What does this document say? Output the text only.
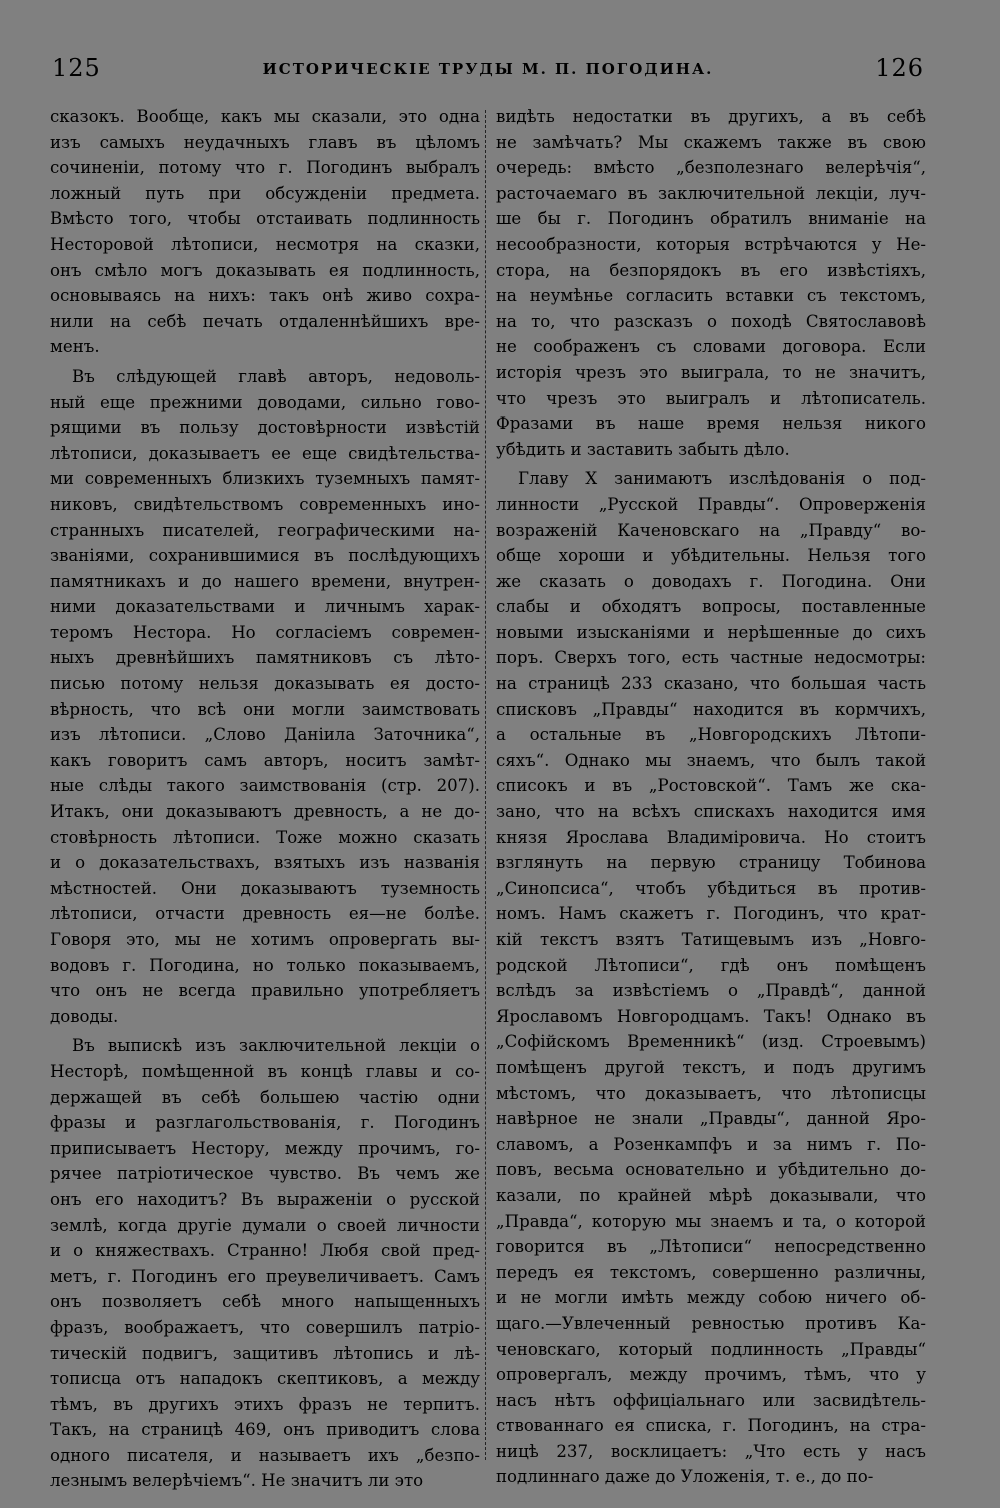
125	ИСТОРИЧЕСКІЕ ТРУДЫ М. П. ПОГОДИНА.	126
сказокъ. Вообще, какъ мы сказали, это одна
изъ самыхъ неудачныхъ главъ въ цѣломъ
сочиненіи, потому что г. Погодинъ выбралъ
ложный путь при обсужденіи предмета.
Вмѣсто того, чтобы отстаивать подлинность
Несторовой лѣтописи, несмотря на сказки,
онъ смѣло могъ доказывать ея подлинность,
основываясь на нихъ: такъ онѣ живо сохра-
нили на себѣ печать отдаленнѣйшихъ вре-
менъ.
Въ слѣдующей главѣ авторъ, недоволь-
ный еще прежними доводами, сильно гово-
рящими въ пользу достовѣрности извѣстій
лѣтописи, доказываетъ ее еще свидѣтельства-
ми современныхъ близкихъ туземныхъ памят-
никовъ, свидѣтельствомъ современныхъ ино-
странныхъ писателей, географическими на-
званіями, сохранившимися въ послѣдующихъ
памятникахъ и до нашего времени, внутрен-
ними доказательствами и личнымъ харак-
теромъ Нестора. Но согласіемъ современ-
ныхъ древнѣйшихъ памятниковъ съ лѣто-
писью потому нельзя доказывать ея досто-
вѣрность, что всѣ они могли заимствовать
изъ лѣтописи. „Слово Даніила Заточника“,
какъ говоритъ самъ авторъ, носитъ замѣт-
ные слѣды такого заимствованія (стр. 207).
Итакъ, они доказываютъ древность, а не до-
стовѣрность лѣтописи. Тоже можно сказать
и о доказательствахъ, взятыхъ изъ названія
мѣстностей. Они доказываютъ туземность
лѣтописи, отчасти древность ея—не болѣе.
Говоря это, мы не хотимъ опровергать вы-
водовъ г. Погодина, но только показываемъ,
что онъ не всегда правильно употребляетъ
доводы.
Въ выпискѣ изъ заключительной лекціи о
Несторѣ, помѣщенной въ концѣ главы и со-
держащей въ себѣ большею частію одни
фразы и разглагольствованія, г. Погодинъ
приписываетъ Нестору, между прочимъ, го-
рячее патріотическое чувство. Въ чемъ же
онъ его находитъ? Въ выраженіи о русской
землѣ, когда другіе думали о своей личности
и о княжествахъ. Странно! Любя свой пред-
метъ, г. Погодинъ его преувеличиваетъ. Самъ
онъ позволяетъ себѣ много напыщенныхъ
фразъ, воображаетъ, что совершилъ патріо-
тическій подвигъ, защитивъ лѣтопись и лѣ-
тописца отъ нападокъ скептиковъ, а между
тѣмъ, въ другихъ этихъ фразъ не терпитъ.
Такъ, на страницѣ 469, онъ приводитъ слова
одного писателя, и называетъ ихъ „безпо-
лезнымъ велерѣчіемъ“. Не значитъ ли это
видѣть недостатки въ другихъ, а въ себѣ
не замѣчать? Мы скажемъ также въ свою
очередь: вмѣсто „безполезнаго велерѣчія“,
расточаемаго въ заключительной лекціи, луч-
ше бы г. Погодинъ обратилъ вниманіе на
несообразности, которыя встрѣчаются у Не-
стора, на безпорядокъ въ его извѣстіяхъ,
на неумѣнье согласить вставки съ текстомъ,
на то, что разсказъ о походѣ Святославовѣ
не соображенъ съ словами договора. Если
исторія чрезъ это выиграла, то не значитъ,
что чрезъ это выигралъ и лѣтописатель.
Фразами въ наше время нельзя никого
убѣдить и заставить забыть дѣло.
Главу X занимаютъ изслѣдованія о под-
линности „Русской Правды“. Опроверженія
возраженій Каченовскаго на „Правду“ во-
обще хороши и убѣдительны. Нельзя того
же сказать о доводахъ г. Погодина. Они
слабы и обходятъ вопросы, поставленные
новыми изысканіями и нерѣшенные до сихъ
поръ. Сверхъ того, есть частные недосмотры:
на страницѣ 233 сказано, что большая часть
списковъ „Правды“ находится въ кормчихъ,
а остальные въ „Новгородскихъ Лѣтопи-
сяхъ“. Однако мы знаемъ, что былъ такой
списокъ и въ „Ростовской“. Тамъ же ска-
зано, что на всѣхъ спискахъ находится имя
князя Ярослава Владиміровича. Но стоитъ
взглянуть на первую страницу Тобинова
„Синопсиса“, чтобъ убѣдиться въ против-
номъ. Намъ скажетъ г. Погодинъ, что крат-
кій текстъ взятъ Татищевымъ изъ „Новго-
родской Лѣтописи“, гдѣ онъ помѣщенъ
вслѣдъ за извѣстіемъ о „Правдѣ“, данной
Ярославомъ Новгородцамъ. Такъ! Однако въ
„Софійскомъ Временникѣ“ (изд. Строевымъ)
помѣщенъ другой текстъ, и подъ другимъ
мѣстомъ, что доказываетъ, что лѣтописцы
навѣрное не знали „Правды“, данной Яро-
славомъ, а Розенкампфъ и за нимъ г. По-
повъ, весьма основательно и убѣдительно до-
казали, по крайней мѣрѣ доказывали, что
„Правда“, которую мы знаемъ и та, о которой
говорится въ „Лѣтописи“ непосредственно
передъ ея текстомъ, совершенно различны,
и не могли имѣть между собою ничего об-
щаго.—Увлеченный ревностью противъ Ка-
ченовскаго, который подлинность „Правды“
опровергалъ, между прочимъ, тѣмъ, что у
насъ нѣтъ оффиціальнаго или засвидѣтель-
ствованнаго ея списка, г. Погодинъ, на стра-
ницѣ 237, восклицаетъ: „Что есть у насъ
подлиннаго даже до Уложенія, т. е., до по-
